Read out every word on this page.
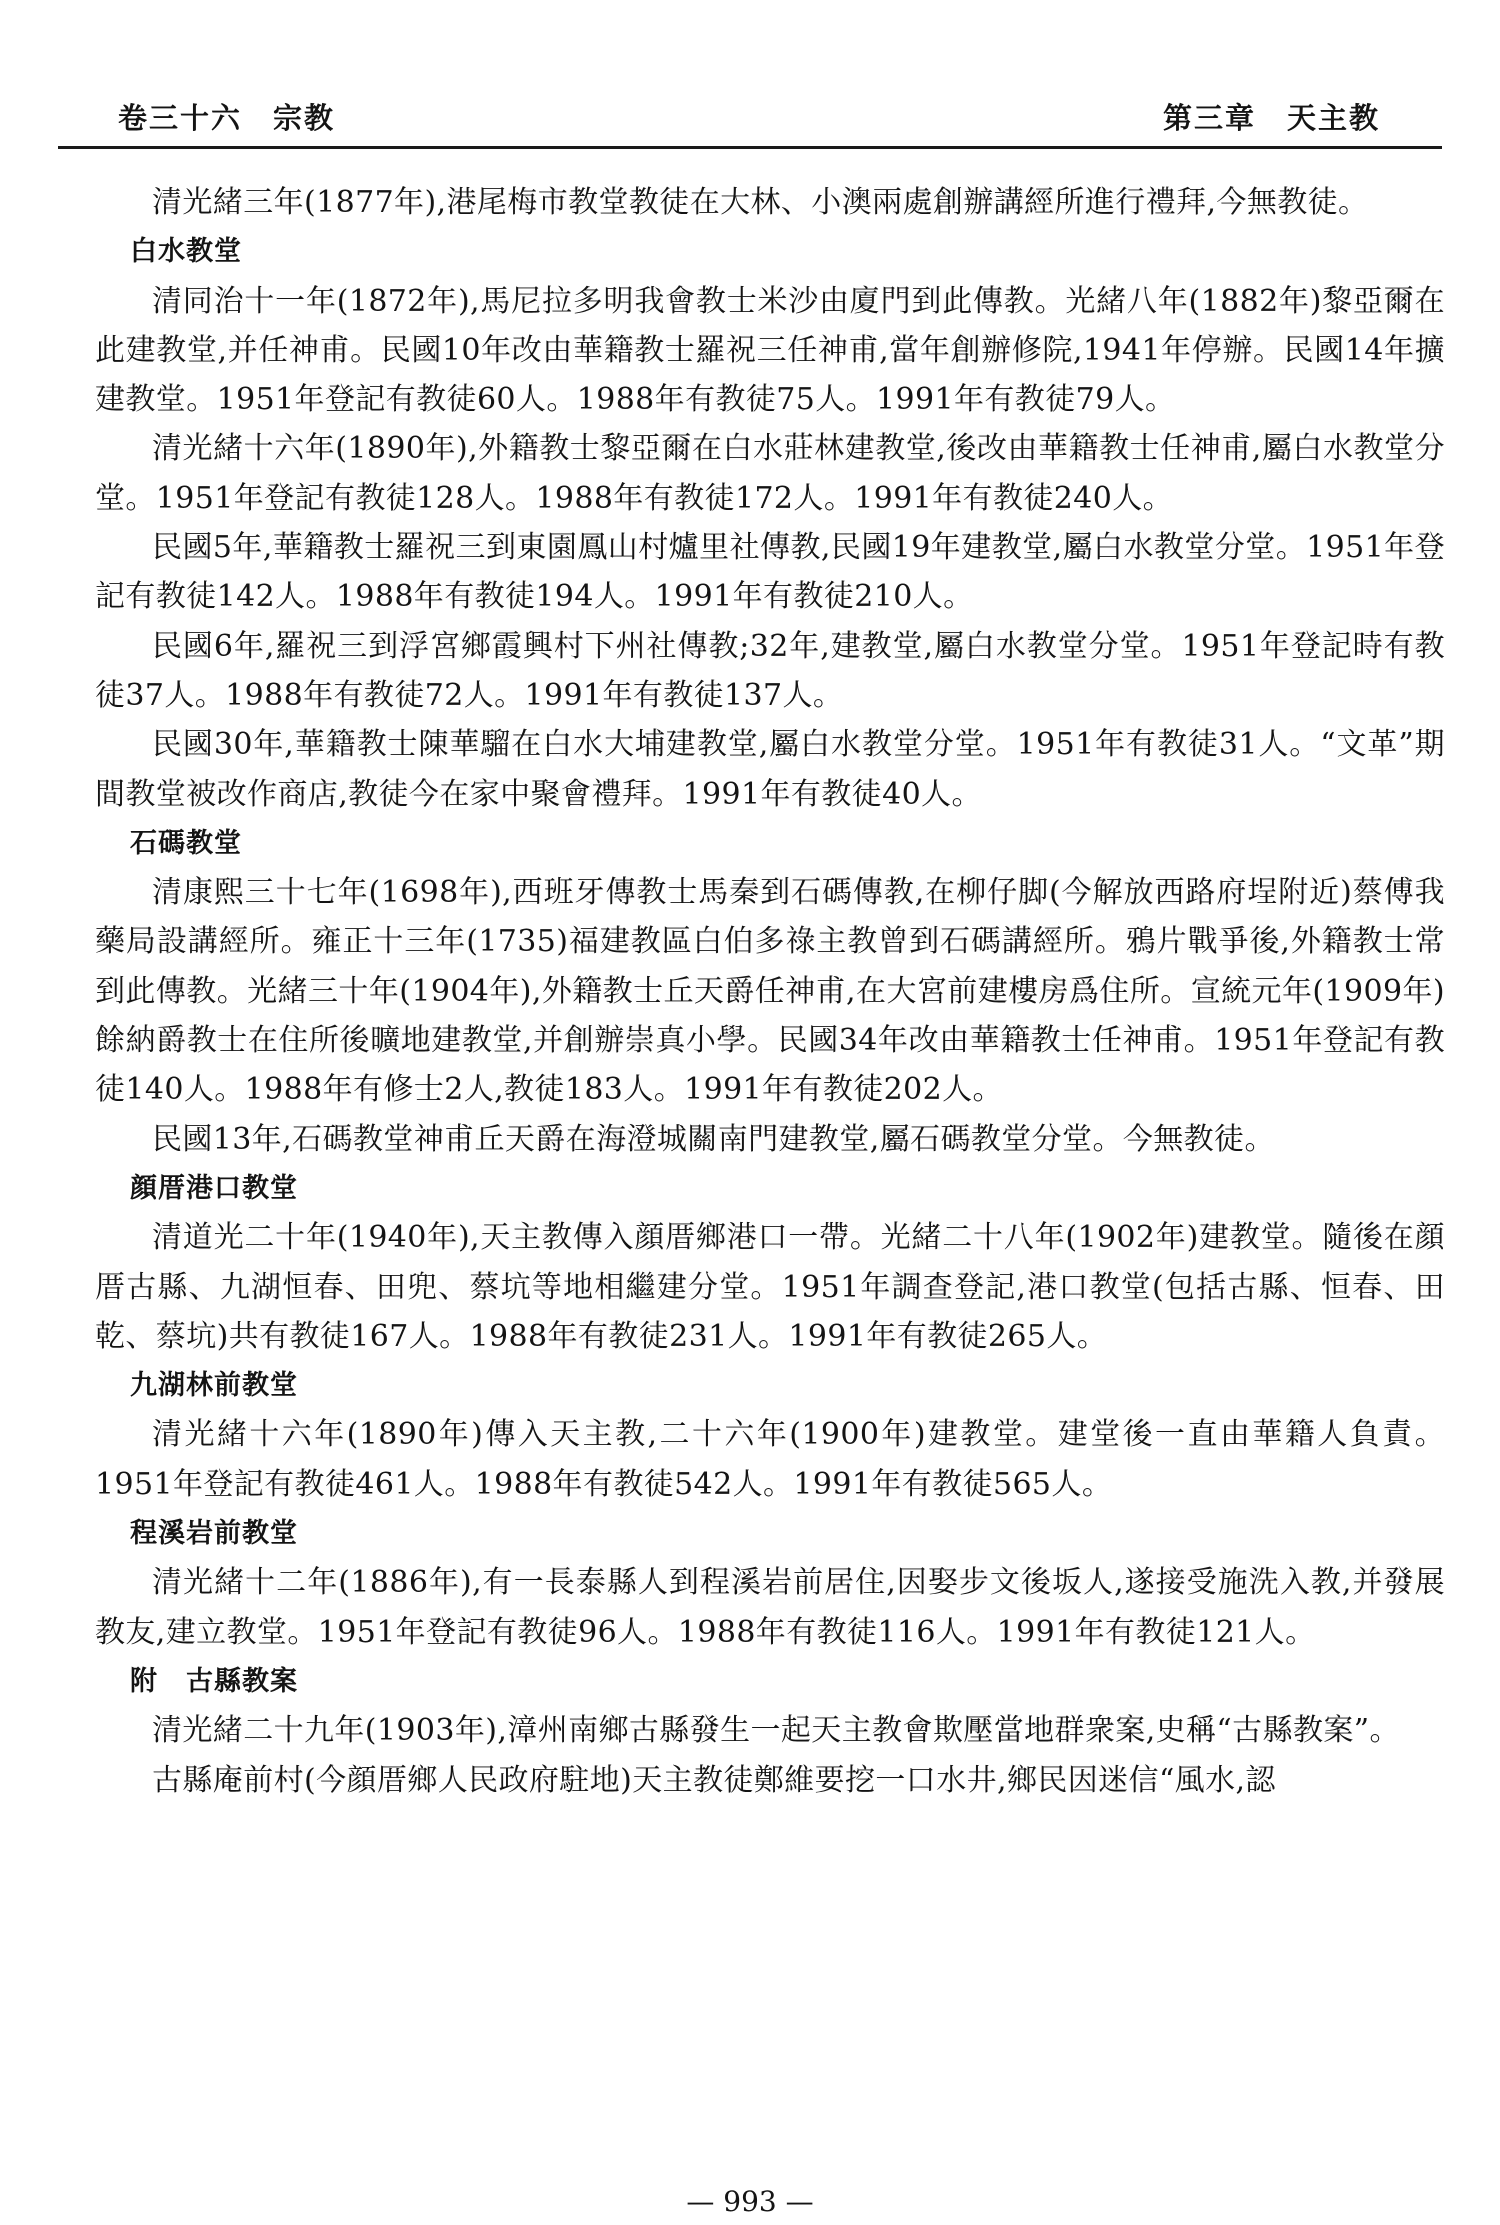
卷三十六　宗教	第三章　天主教

清光緒三年(1877年),港尾梅市教堂教徒在大林、小澳兩處創辦講經所進行禮拜,今無教徒。

白水教堂

清同治十一年(1872年),馬尼拉多明我會教士米沙由廈門到此傳教。光緒八年(1882年)黎亞爾在此建教堂,并任神甫。民國10年改由華籍教士羅祝三任神甫,當年創辦修院,1941年停辦。民國14年擴建教堂。1951年登記有教徒60人。1988年有教徒75人。1991年有教徒79人。

清光緒十六年(1890年),外籍教士黎亞爾在白水莊林建教堂,後改由華籍教士任神甫,屬白水教堂分堂。1951年登記有教徒128人。1988年有教徒172人。1991年有教徒240人。

民國5年,華籍教士羅祝三到東園鳳山村爐里社傳教,民國19年建教堂,屬白水教堂分堂。1951年登記有教徒142人。1988年有教徒194人。1991年有教徒210人。

民國6年,羅祝三到浮宮鄉霞興村下州社傳教;32年,建教堂,屬白水教堂分堂。1951年登記時有教徒37人。1988年有教徒72人。1991年有教徒137人。

民國30年,華籍教士陳華騮在白水大埔建教堂,屬白水教堂分堂。1951年有教徒31人。“文革”期間教堂被改作商店,教徒今在家中聚會禮拜。1991年有教徒40人。

石碼教堂

清康熙三十七年(1698年),西班牙傳教士馬秦到石碼傳教,在柳仔脚(今解放西路府埕附近)蔡傅我藥局設講經所。雍正十三年(1735)福建教區白伯多祿主教曾到石碼講經所。鴉片戰爭後,外籍教士常到此傳教。光緒三十年(1904年),外籍教士丘天爵任神甫,在大宮前建樓房爲住所。宣統元年(1909年)餘納爵教士在住所後曠地建教堂,并創辦崇真小學。民國34年改由華籍教士任神甫。1951年登記有教徒140人。1988年有修士2人,教徒183人。1991年有教徒202人。

民國13年,石碼教堂神甫丘天爵在海澄城關南門建教堂,屬石碼教堂分堂。今無教徒。

顔厝港口教堂

清道光二十年(1940年),天主教傳入顔厝鄉港口一帶。光緒二十八年(1902年)建教堂。隨後在顔厝古縣、九湖恒春、田兜、蔡坑等地相繼建分堂。1951年調查登記,港口教堂(包括古縣、恒春、田乾、蔡坑)共有教徒167人。1988年有教徒231人。1991年有教徒265人。

九湖林前教堂

清光緒十六年(1890年)傳入天主教,二十六年(1900年)建教堂。建堂後一直由華籍人負責。1951年登記有教徒461人。1988年有教徒542人。1991年有教徒565人。

程溪岩前教堂

清光緒十二年(1886年),有一長泰縣人到程溪岩前居住,因娶步文後坂人,遂接受施洗入教,并發展教友,建立教堂。1951年登記有教徒96人。1988年有教徒116人。1991年有教徒121人。

附　古縣教案

清光緒二十九年(1903年),漳州南鄉古縣發生一起天主教會欺壓當地群衆案,史稱“古縣教案”。

古縣庵前村(今顔厝鄉人民政府駐地)天主教徒鄭維要挖一口水井,鄉民因迷信“風水,認

— 993 —
